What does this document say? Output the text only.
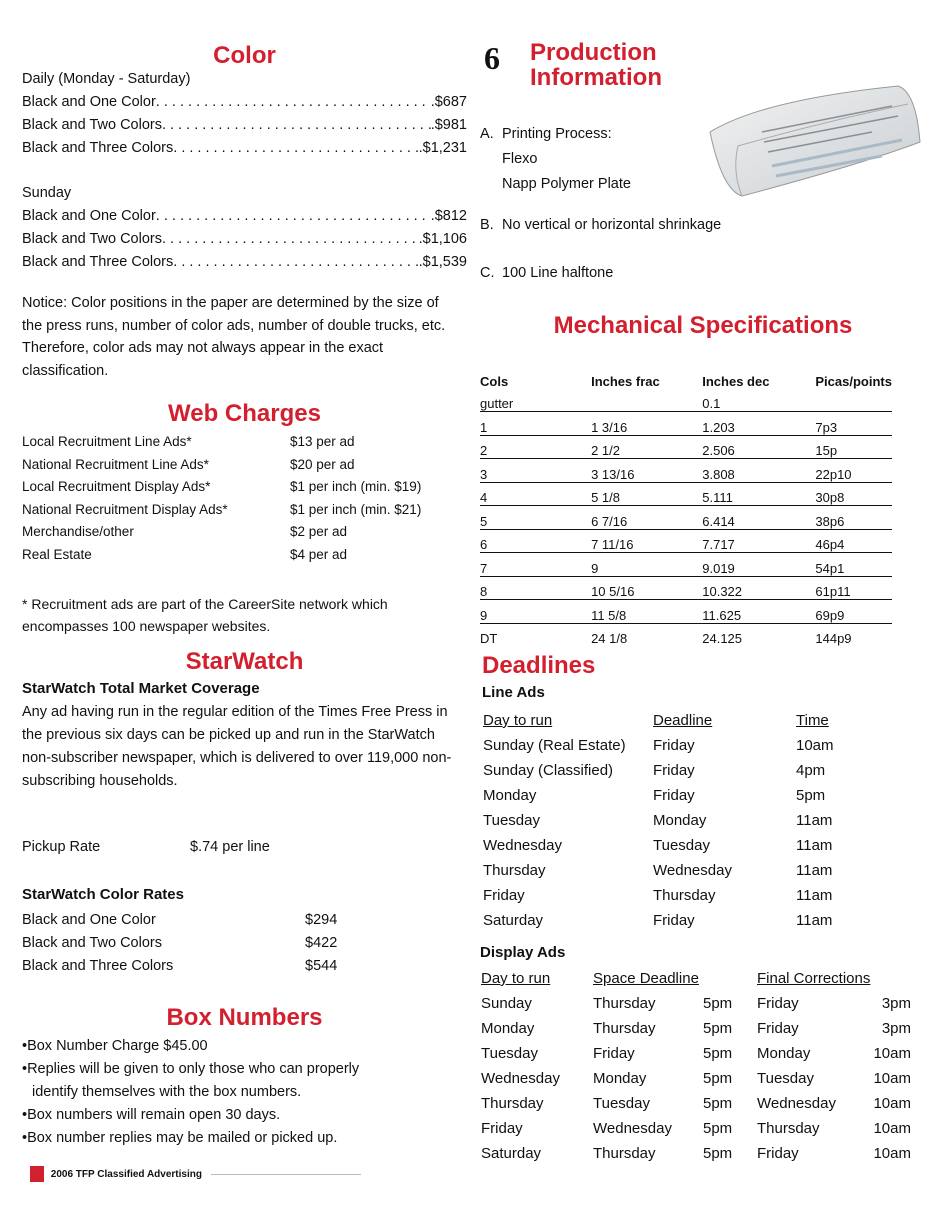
Color
Daily (Monday - Saturday)
Black and One Color . . .	.$687
Black and Two Colors . . .	.$981
Black and Three Colors . . .	.$1,231
Sunday
Black and One Color . . .	.$812
Black and Two Colors . . .	.$1,106
Black and Three Colors . . .	.$1,539
Notice: Color positions in the paper are determined by the size of the press runs, number of color ads, number of double trucks, etc. Therefore, color ads may not always appear in the exact classification.
Web Charges
Local Recruitment Line Ads*	$13 per ad
National Recruitment Line Ads*	$20 per ad
Local Recruitment Display Ads*	$1 per inch (min. $19)
National Recruitment Display Ads*	$1 per inch (min. $21)
Merchandise/other	$2 per ad
Real Estate	$4 per ad
* Recruitment ads are part of the CareerSite network which encompasses 100 newspaper websites.
StarWatch
StarWatch Total Market Coverage
Any ad having run in the regular edition of the Times Free Press in the previous six days can be picked up and run in the StarWatch non-subscriber newspaper, which is delivered to over 119,000 non-subscribing households.
Pickup Rate	$.74 per line
StarWatch Color Rates
Black and One Color	$294
Black and Two Colors	$422
Black and Three Colors	$544
Box Numbers
•Box Number Charge $45.00
•Replies will be given to only those who can properly
identify themselves with the box numbers.
•Box numbers will remain open 30 days.
•Box number replies may be mailed or picked up.
2006 TFP Classified Advertising
6 Production
Information
A. Printing Process:
Flexo
Napp Polymer Plate
B. No vertical or horizontal shrinkage
C. 100 Line halftone
Mechanical Specifications
Cols	Inches frac	Inches dec	Picas/points
gutter		0.1	
1	1 3/16	1.203	7p3
2	2 1/2	2.506	15p
3	3 13/16	3.808	22p10
4	5 1/8	5.111	30p8
5	6 7/16	6.414	38p6
6	7 11/16	7.717	46p4
7	9	9.019	54p1
8	10 5/16	10.322	61p11
9	11 5/8	11.625	69p9
DT	24 1/8	24.125	144p9
Deadlines
Line Ads
Day to run	Deadline	Time
Sunday (Real Estate)	Friday	10am
Sunday (Classified)	Friday	4pm
Monday	Friday	5pm
Tuesday	Monday	11am
Wednesday	Tuesday	11am
Thursday	Wednesday	11am
Friday	Thursday	11am
Saturday	Friday	11am
Display Ads
Day to run	Space Deadline		Final Corrections	
Sunday	Thursday	5pm	Friday	3pm
Monday	Thursday	5pm	Friday	3pm
Tuesday	Friday	5pm	Monday	10am
Wednesday	Monday	5pm	Tuesday	10am
Thursday	Tuesday	5pm	Wednesday	10am
Friday	Wednesday	5pm	Thursday	10am
Saturday	Thursday	5pm	Friday	10am
